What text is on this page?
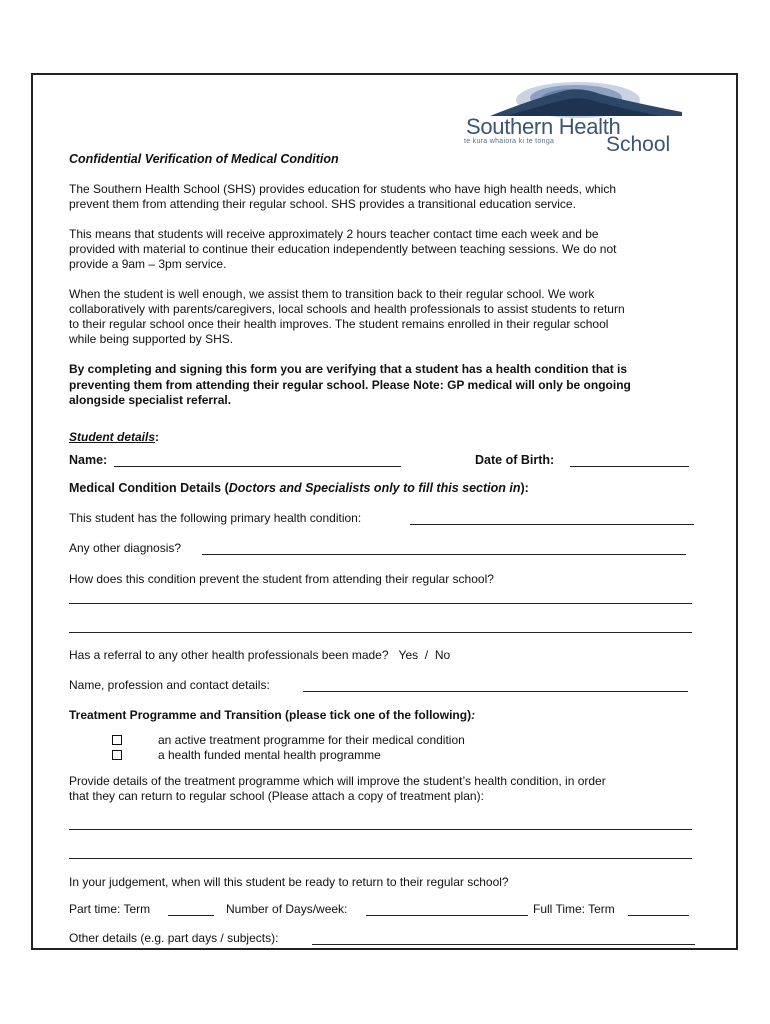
Southern Health
te kura whaiora ki te tonga School
Confidential Verification of Medical Condition
The Southern Health School (SHS) provides education for students who have high health needs, which
prevent them from attending their regular school. SHS provides a transitional education service.
This means that students will receive approximately 2 hours teacher contact time each week and be
provided with material to continue their education independently between teaching sessions. We do not
provide a 9am – 3pm service.
When the student is well enough, we assist them to transition back to their regular school. We work
collaboratively with parents/caregivers, local schools and health professionals to assist students to return
to their regular school once their health improves. The student remains enrolled in their regular school
while being supported by SHS.
By completing and signing this form you are verifying that a student has a health condition that is
preventing them from attending their regular school. Please Note: GP medical will only be ongoing
alongside specialist referral.
Student details:
Name:	Date of Birth:
Medical Condition Details (Doctors and Specialists only to fill this section in):
This student has the following primary health condition:
Any other diagnosis?
How does this condition prevent the student from attending their regular school?
Has a referral to any other health professionals been made? Yes / No
Name, profession and contact details:
Treatment Programme and Transition (please tick one of the following):
an active treatment programme for their medical condition
a health funded mental health programme
Provide details of the treatment programme which will improve the student’s health condition, in order
that they can return to regular school (Please attach a copy of treatment plan):
In your judgement, when will this student be ready to return to their regular school?
Part time: Term	Number of Days/week:	Full Time: Term
Other details (e.g. part days / subjects):
